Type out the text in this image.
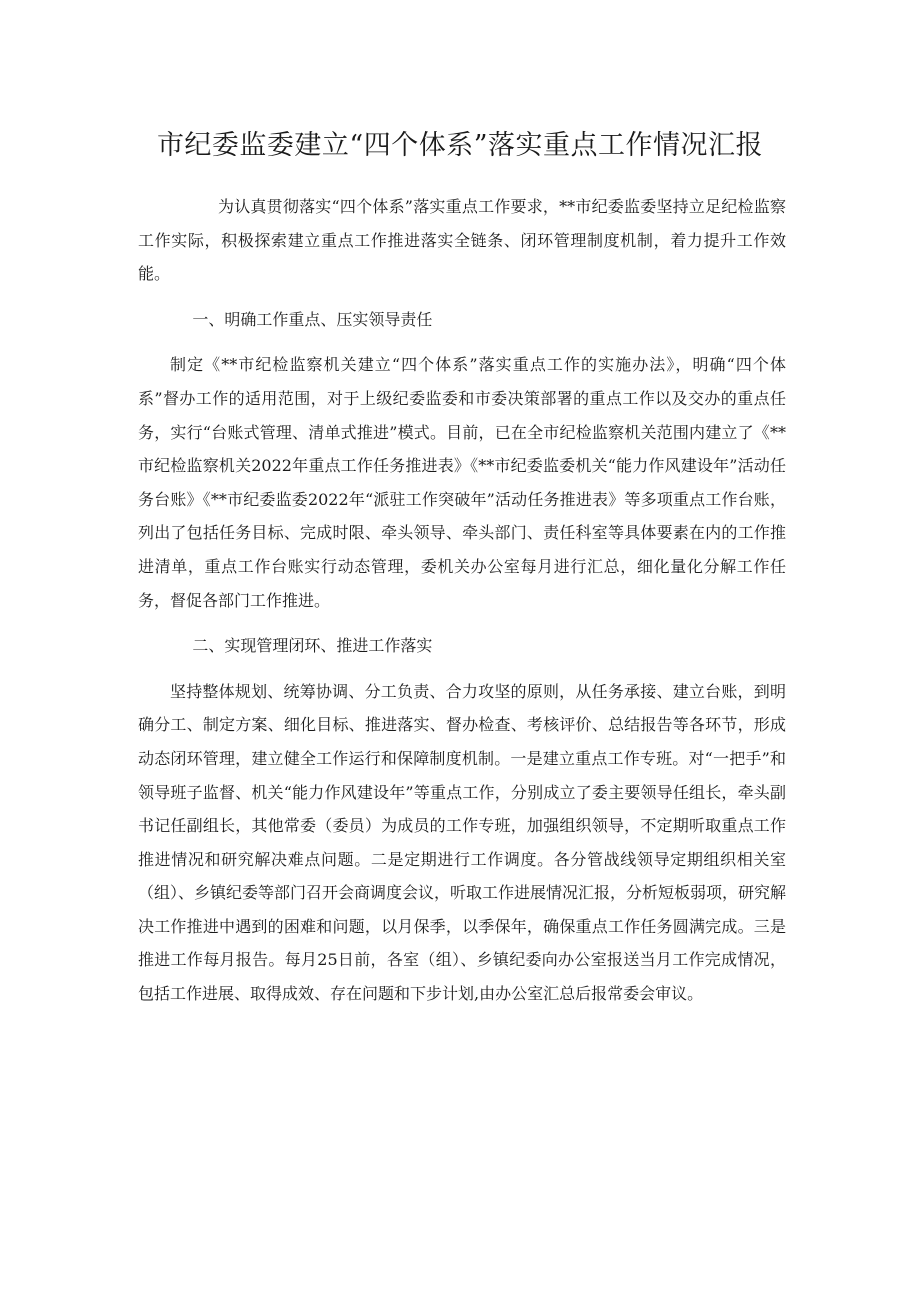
市纪委监委建立“四个体系”落实重点工作情况汇报

为认真贯彻落实“四个体系”落实重点工作要求，**市纪委监委坚持立足纪检监察工作实际，积极探索建立重点工作推进落实全链条、闭环管理制度机制，着力提升工作效能。

一、明确工作重点、压实领导责任

制定《**市纪检监察机关建立“四个体系”落实重点工作的实施办法》，明确“四个体系”督办工作的适用范围，对于上级纪委监委和市委决策部署的重点工作以及交办的重点任务，实行“台账式管理、清单式推进”模式。目前，已在全市纪检监察机关范围内建立了《**市纪检监察机关2022年重点工作任务推进表》《**市纪委监委机关“能力作风建设年”活动任务台账》《**市纪委监委2022年“派驻工作突破年”活动任务推进表》等多项重点工作台账，列出了包括任务目标、完成时限、牵头领导、牵头部门、责任科室等具体要素在内的工作推进清单，重点工作台账实行动态管理，委机关办公室每月进行汇总，细化量化分解工作任务，督促各部门工作推进。

二、实现管理闭环、推进工作落实

坚持整体规划、统筹协调、分工负责、合力攻坚的原则，从任务承接、建立台账，到明确分工、制定方案、细化目标、推进落实、督办检查、考核评价、总结报告等各环节，形成动态闭环管理，建立健全工作运行和保障制度机制。一是建立重点工作专班。对“一把手”和领导班子监督、机关“能力作风建设年”等重点工作，分别成立了委主要领导任组长，牵头副书记任副组长，其他常委（委员）为成员的工作专班，加强组织领导，不定期听取重点工作推进情况和研究解决难点问题。二是定期进行工作调度。各分管战线领导定期组织相关室（组）、乡镇纪委等部门召开会商调度会议，听取工作进展情况汇报，分析短板弱项，研究解决工作推进中遇到的困难和问题，以月保季，以季保年，确保重点工作任务圆满完成。三是推进工作每月报告。每月25日前，各室（组）、乡镇纪委向办公室报送当月工作完成情况，包括工作进展、取得成效、存在问题和下步计划,由办公室汇总后报常委会审议。
